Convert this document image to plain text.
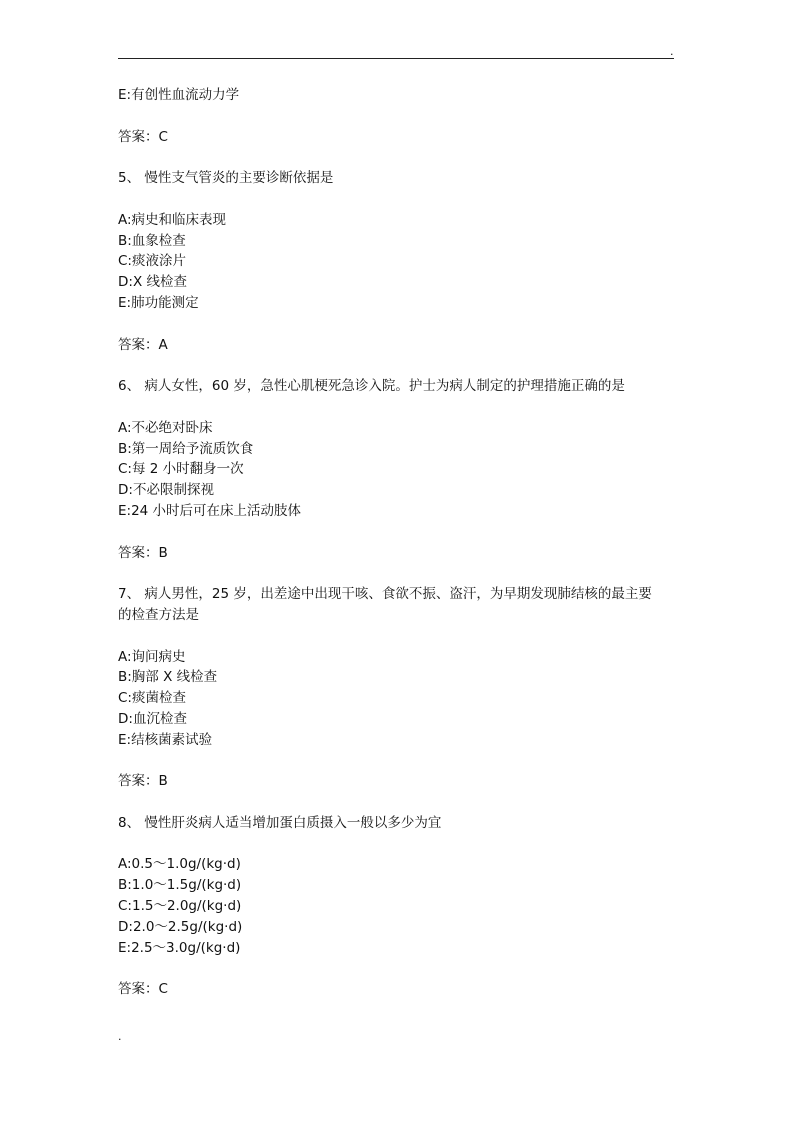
.
E:有创性血流动力学
答案：C
5、 慢性支气管炎的主要诊断依据是
A:病史和临床表现
B:血象检查
C:痰液涂片
D:X 线检查
E:肺功能测定
答案：A
6、 病人女性，60 岁，急性心肌梗死急诊入院。护士为病人制定的护理措施正确的是
A:不必绝对卧床
B:第一周给予流质饮食
C:每 2 小时翻身一次
D:不必限制探视
E:24 小时后可在床上活动肢体
答案：B
7、 病人男性，25 岁，出差途中出现干咳、食欲不振、盗汗，为早期发现肺结核的最主要
的检查方法是
A:询问病史
B:胸部 X 线检查
C:痰菌检查
D:血沉检查
E:结核菌素试验
答案：B
8、 慢性肝炎病人适当增加蛋白质摄入一般以多少为宜
A:0.5～1.0g/(kg·d)
B:1.0～1.5g/(kg·d)
C:1.5～2.0g/(kg·d)
D:2.0～2.5g/(kg·d)
E:2.5～3.0g/(kg·d)
答案：C
.
